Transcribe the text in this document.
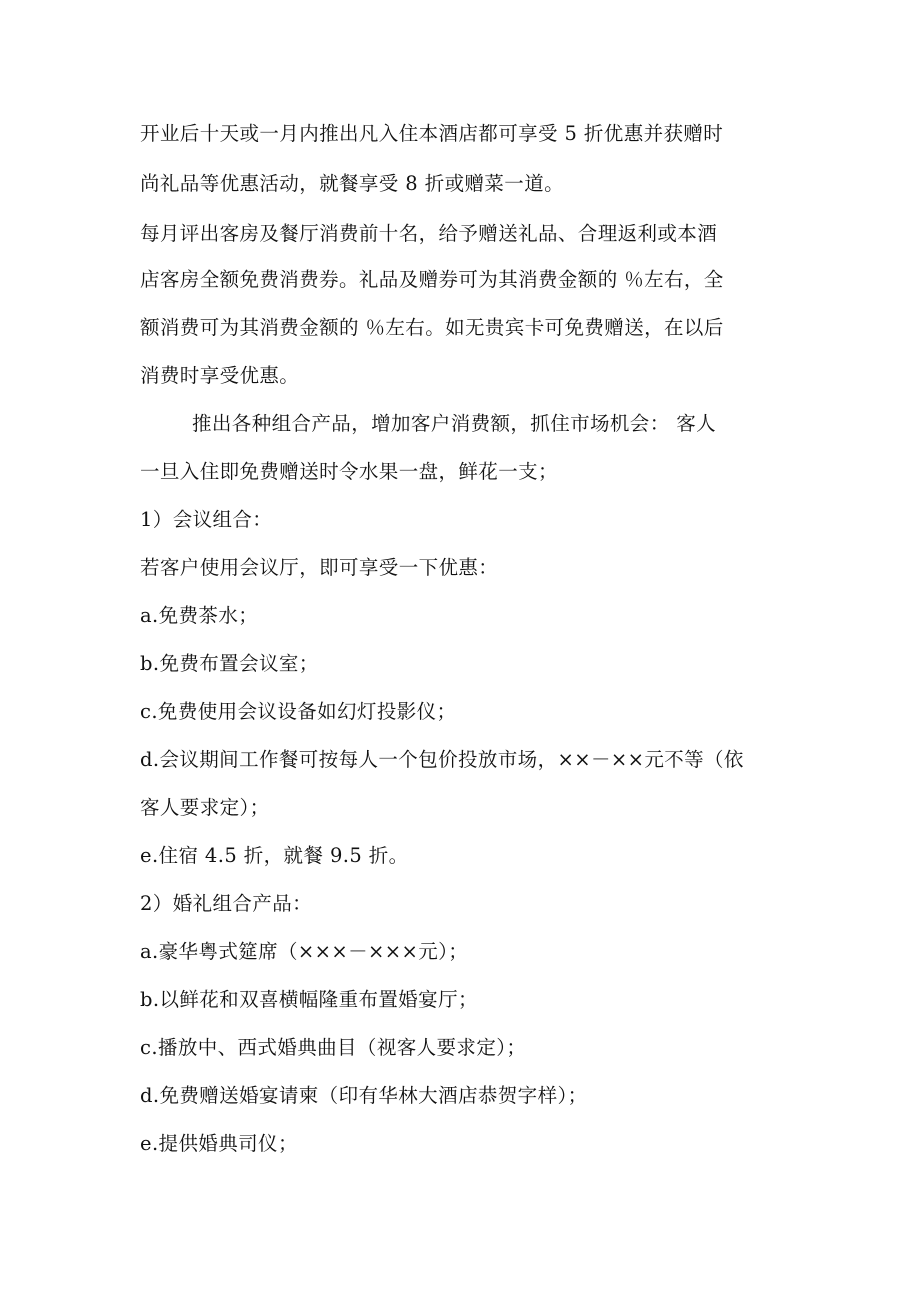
开业后十天或一月内推出凡入住本酒店都可享受 5 折优惠并获赠时
尚礼品等优惠活动，就餐享受 8 折或赠菜一道。
每月评出客房及餐厅消费前十名，给予赠送礼品、合理返利或本酒
店客房全额免费消费券。礼品及赠券可为其消费金额的 ％左右，全
额消费可为其消费金额的 ％左右。如无贵宾卡可免费赠送，在以后
消费时享受优惠。
推出各种组合产品，增加客户消费额，抓住市场机会： 客人
一旦入住即免费赠送时令水果一盘，鲜花一支；
1）会议组合：
若客户使用会议厅，即可享受一下优惠：
a.免费茶水；
b.免费布置会议室；
c.免费使用会议设备如幻灯投影仪；
d.会议期间工作餐可按每人一个包价投放市场，××－××元不等（依
客人要求定）；
e.住宿 4.5 折，就餐 9.5 折。
2）婚礼组合产品：
a.豪华粤式筵席（×××－×××元）；
b.以鲜花和双喜横幅隆重布置婚宴厅；
c.播放中、西式婚典曲目（视客人要求定）；
d.免费赠送婚宴请柬（印有华林大酒店恭贺字样）；
e.提供婚典司仪；
